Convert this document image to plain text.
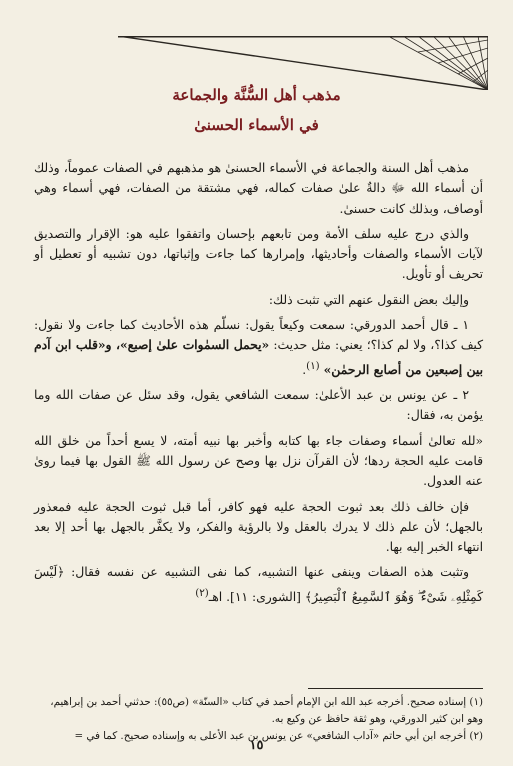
مذهب أهل السُّنَّة والجماعة
في الأسماء الحسنىٰ

مذهب أهل السنة والجماعة في الأسماء الحسنىٰ هو مذهبهم في الصفات عموماً، وذلك أن أسماء الله ﷻ دالةٌ علىٰ صفات كماله، فهي مشتقة من الصفات، فهي أسماء وهي أوصاف، وبذلك كانت حسنىٰ.

والذي درج عليه سلف الأمة ومن تابعهم بإحسان واتفقوا عليه هو: الإقرار والتصديق لآيات الأسماء والصفات وأحاديثها، وإمرارها كما جاءت وإثباتها، دون تشبيه أو تعطيل أو تحريف أو تأويل.

وإليك بعض النقول عنهم التي تثبت ذلك:

١ ـ قال أحمد الدورقي: سمعت وكيعاً يقول: نسلّم هذه الأحاديث كما جاءت ولا نقول: كيف كذا؟، ولا لم كذا؟؛ يعني: مثل حديث: «يحمل السمٰوات علىٰ إصبع»، و«قلب ابن آدم بين إصبعين من أصابع الرحمٰن» $^{(١)}$.

٢ ـ عن يونس بن عبد الأعلىٰ: سمعت الشافعي يقول، وقد سئل عن صفات الله وما يؤمن به، فقال:

«لله تعالىٰ أسماء وصفات جاء بها كتابه وأخبر بها نبيه أمته، لا يسع أحداً من خلق الله قامت عليه الحجة ردها؛ لأن القرآن نزل بها وصح عن رسول الله ﷺ القول بها فيما روىٰ عنه العدول.

فإن خالف ذلك بعد ثبوت الحجة عليه فهو كافر، أما قبل ثبوت الحجة عليه فمعذور بالجهل؛ لأن علم ذلك لا يدرك بالعقل ولا بالرؤية والفكر، ولا يكفَّر بالجهل بها أحد إلا بعد انتهاء الخبر إليه بها.

وتثبت هذه الصفات وينفى عنها التشبيه، كما نفى التشبيه عن نفسه فقال: ﴿لَيْسَ كَمِثْلِهِۦ شَىْءٌ ۖ وَهُوَ ٱلسَّمِيعُ ٱلْبَصِيرُ﴾ [الشورى: ١١]. اهـ$^{(٢)}$

(١) إسناده صحيح. أخرجه عبد الله ابن الإمام أحمد في كتاب «السنّة» (ص٥٥): حدثني أحمد بن إبراهيم، وهو ابن كثير الدورقي، وهو ثقة حافظ عن وكيع به.

(٢) أخرجه ابن أبي حاتم «آداب الشافعي» عن يونس بن عبد الأعلى به وإسناده صحيح. كما في =

١٥
